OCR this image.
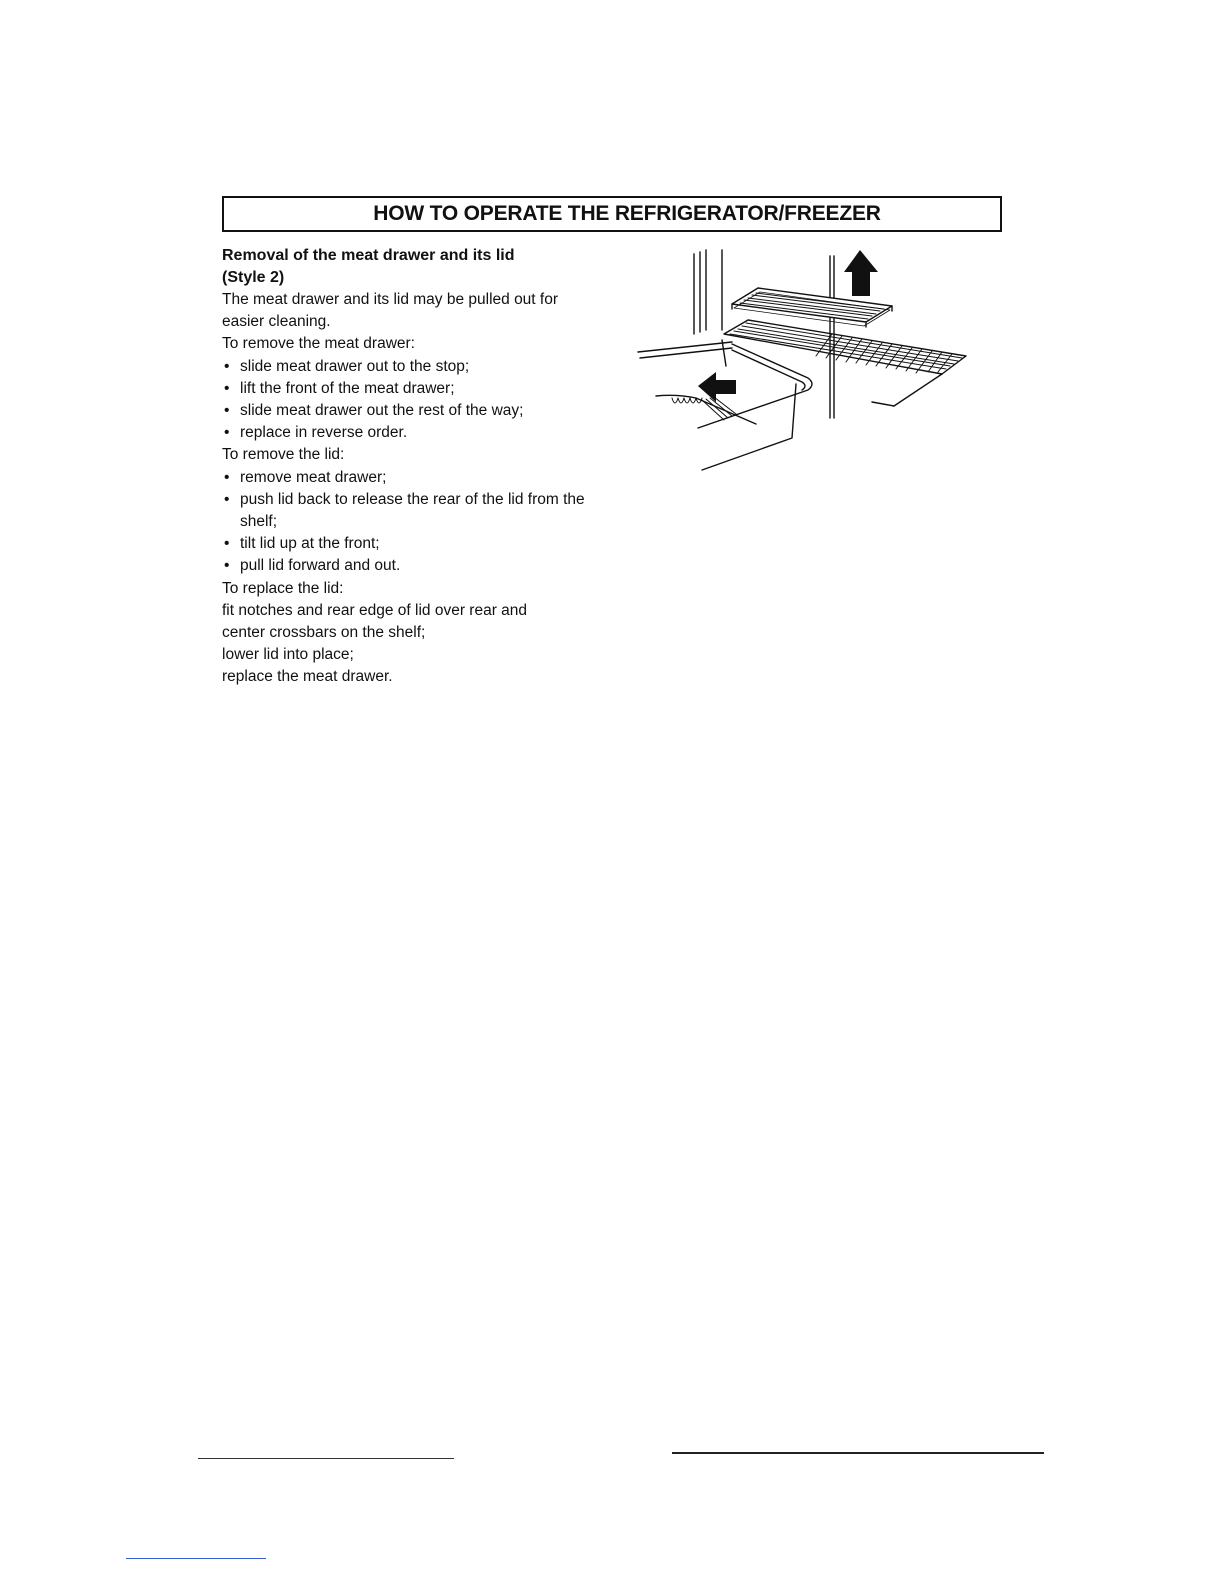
HOW TO OPERATE THE REFRIGERATOR/FREEZER

Removal of the meat drawer and its lid
(Style 2)

The meat drawer and its lid may be pulled out for
easier cleaning.

To remove the meat drawer:

• slide meat drawer out to the stop;
• lift the front of the meat drawer;
• slide meat drawer out the rest of the way;
• replace in reverse order.

To remove the lid:

• remove meat drawer;
• push lid back to release the rear of the lid from the shelf;
• tilt lid up at the front;
• pull lid forward and out.

To replace the lid:

fit notches and rear edge of lid over rear and
center crossbars on the shelf;
lower lid into place;
replace the meat drawer.
